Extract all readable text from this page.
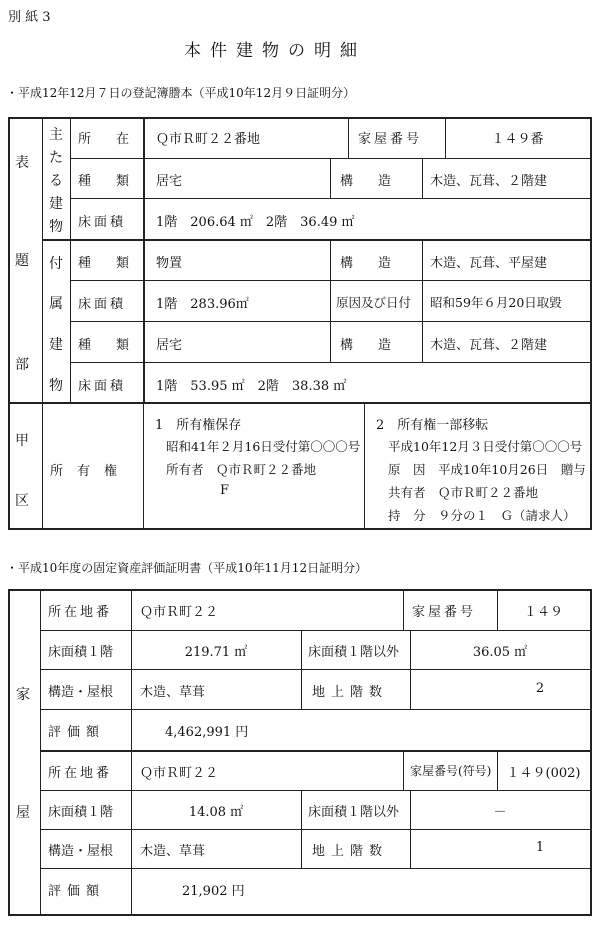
別 紙 3
本件建物の明細
・平成12年12月７日の登記簿謄本（平成10年12月９日証明分）
表
題
部
主たる建物
付
属
建
物
所　在 Ｑ市Ｒ町２２番地	家屋番号	１４９番
種　類 居宅	構　造	木造、瓦葺、２階建
床面積 1階　206.64 ㎡　2階　36.49 ㎡
種　類 物置	構　造	木造、瓦葺、平屋建
床面積 1階　283.96㎡	原因及び日付 昭和59年６月20日取毀
種　類 居宅	構　造	木造、瓦葺、２階建
床面積 1階　53.95 ㎡　2階　38.38 ㎡
甲
区
所有権
1　所有権保存
昭和41年２月16日受付第〇〇〇号
所有者　Ｑ市Ｒ町２２番地
F
2　所有権一部移転
平成10年12月３日受付第〇〇〇号
原　因　平成10年10月26日　贈与
共有者　Ｑ市Ｒ町２２番地
持　分　９分の１　Ｇ（請求人）
・平成10年度の固定資産評価証明書（平成10年11月12日証明分）
家
屋
所在地番 Ｑ市Ｒ町２２	家屋番号	１４９
床面積１階	219.71 ㎡	床面積１階以外	36.05 ㎡
構造・屋根 木造、草葺	地上階数	2
評価額	4,462,991 円
所在地番 Ｑ市Ｒ町２２	家屋番号(符号)	１４９(002)
床面積１階	14.08 ㎡	床面積１階以外	－
構造・屋根 木造、草葺	地上階数	1
評価額	21,902 円
